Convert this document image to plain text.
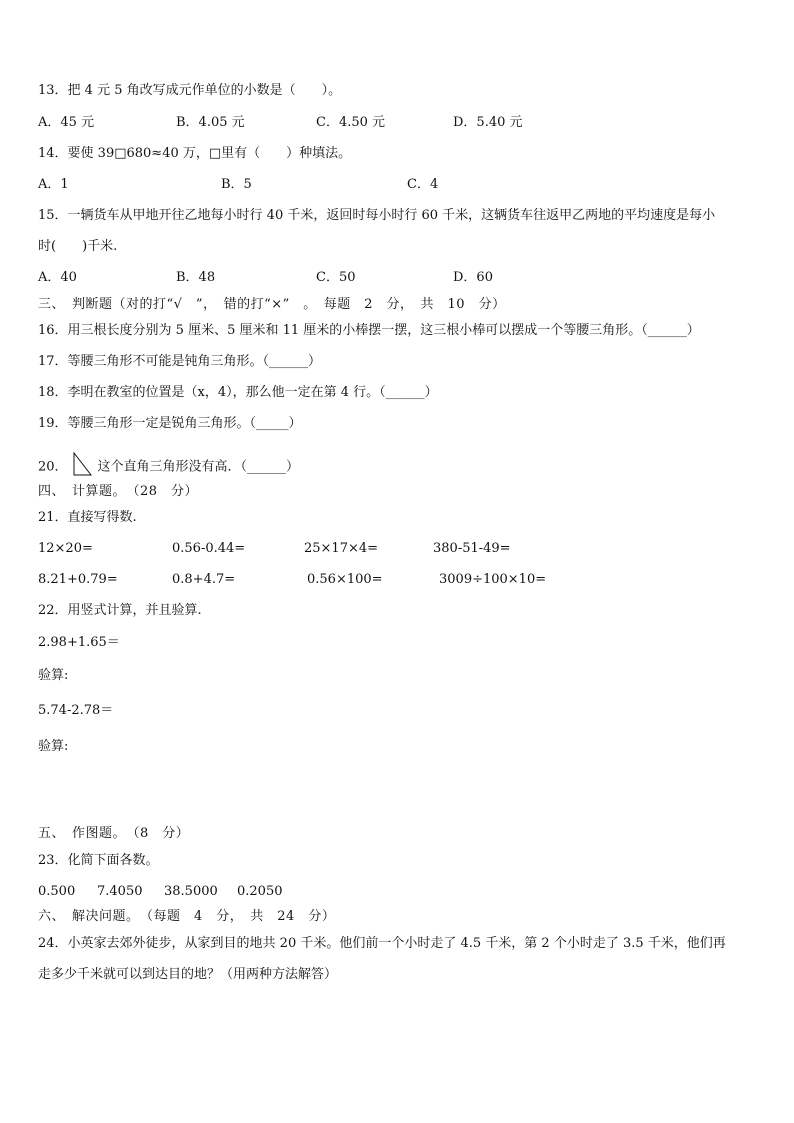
13．把 4 元 5 角改写成元作单位的小数是（　　）。
A．45 元	B．4.05 元	C．4.50 元	D．5.40 元
14．要使 39□680≈40 万，□里有（　　）种填法。
A．1	B．5	C．4
15．一辆货车从甲地开往乙地每小时行 40 千米，返回时每小时行 60 千米，这辆货车往返甲乙两地的平均速度是每小
时(　　)千米.
A．40	B．48	C．50	D．60
三、　判断题（对的打“√　”，　错的打“×”　。　每题　2　分，　共　10　分）
16．用三根长度分别为 5 厘米、5 厘米和 11 厘米的小棒摆一摆，这三根小棒可以摆成一个等腰三角形。（______）
17．等腰三角形不可能是钝角三角形。（______）
18．李明在教室的位置是（x，4），那么他一定在第 4 行。（______）
19．等腰三角形一定是锐角三角形。（_____）
20． 这个直角三角形没有高．（______）
四、　计算题。　（28　分）
21．直接写得数.
12×20=	0.56-0.44=	25×17×4=	380-51-49=
8.21+0.79=	0.8+4.7=	0.56×100=	3009÷100×10=
22．用竖式计算，并且验算.
2.98+1.65＝
验算:
5.74-2.78＝
验算:
五、　作图题。　（8　分）
23．化简下面各数。
0.500 7.4050 38.5000 0.2050
六、　解决问题。　（每题　4　分，　共　24　分）
24．小英家去郊外徒步，从家到目的地共 20 千米。他们前一个小时走了 4.5 千米，第 2 个小时走了 3.5 千米，他们再
走多少千米就可以到达目的地？（用两种方法解答）
